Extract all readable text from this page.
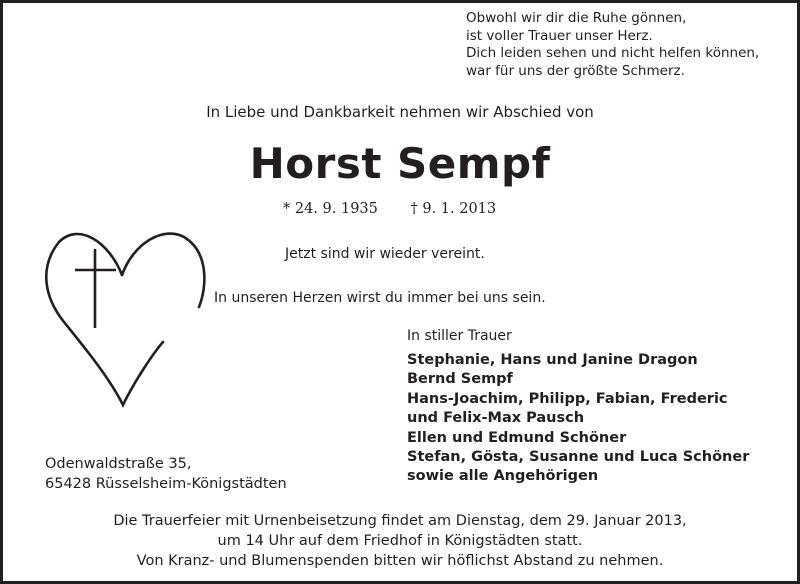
Obwohl wir dir die Ruhe gönnen,
ist voller Trauer unser Herz.
Dich leiden sehen und nicht helfen können,
war für uns der größte Schmerz.
In Liebe und Dankbarkeit nehmen wir Abschied von
Horst Sempf
* 24. 9. 1935 † 9. 1. 2013
Jetzt sind wir wieder vereint.
In unseren Herzen wirst du immer bei uns sein.
In stiller Trauer
Stephanie, Hans und Janine Dragon
Bernd Sempf
Hans-Joachim, Philipp, Fabian, Frederic
und Felix-Max Pausch
Ellen und Edmund Schöner
Stefan, Gösta, Susanne und Luca Schöner
sowie alle Angehörigen
Odenwaldstraße 35,
65428 Rüsselsheim-Königstädten
Die Trauerfeier mit Urnenbeisetzung findet am Dienstag, dem 29. Januar 2013,
um 14 Uhr auf dem Friedhof in Königstädten statt.
Von Kranz- und Blumenspenden bitten wir höflichst Abstand zu nehmen.
